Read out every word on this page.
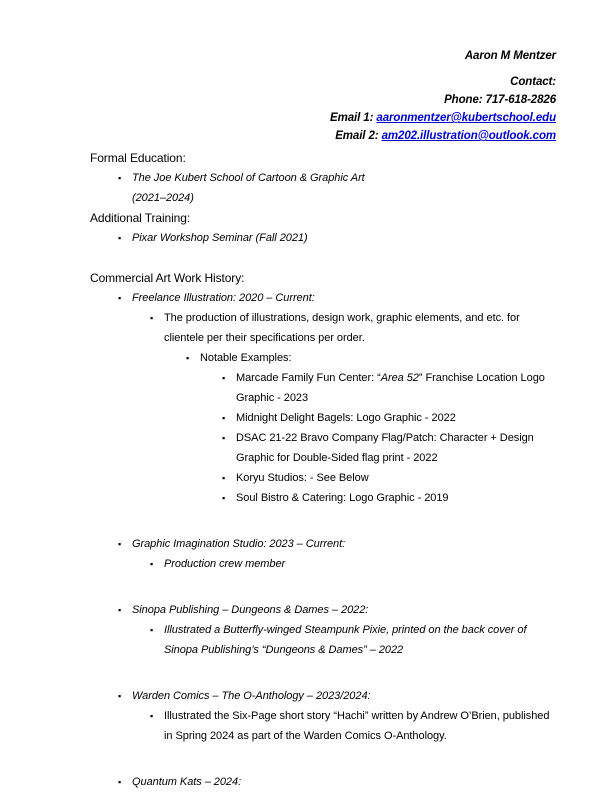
Aaron M Mentzer
Contact:
Phone: 717-618-2826
Email 1: aaronmentzer@kubertschool.edu
Email 2: am202.illustration@outlook.com
Formal Education:
▪ The Joe Kubert School of Cartoon & Graphic Art
(2021–2024)
Additional Training:
▪ Pixar Workshop Seminar (Fall 2021)
Commercial Art Work History:
▪ Freelance Illustration: 2020 – Current:
▪ The production of illustrations, design work, graphic elements, and etc. for clientele per their specifications per order.
▪ Notable Examples:
▪ Marcade Family Fun Center: “Area 52” Franchise Location Logo Graphic - 2023
▪ Midnight Delight Bagels: Logo Graphic - 2022
▪ DSAC 21-22 Bravo Company Flag/Patch: Character + Design Graphic for Double-Sided flag print - 2022
▪ Koryu Studios: - See Below
▪ Soul Bistro & Catering: Logo Graphic - 2019
▪ Graphic Imagination Studio: 2023 – Current:
▪ Production crew member
▪ Sinopa Publishing – Dungeons & Dames – 2022:
▪ Illustrated a Butterfly-winged Steampunk Pixie, printed on the back cover of Sinopa Publishing’s “Dungeons & Dames” – 2022
▪ Warden Comics – The O-Anthology – 2023/2024:
▪ Illustrated the Six-Page short story “Hachi” written by Andrew O’Brien, published in Spring 2024 as part of the Warden Comics O-Anthology.
▪ Quantum Kats – 2024:
